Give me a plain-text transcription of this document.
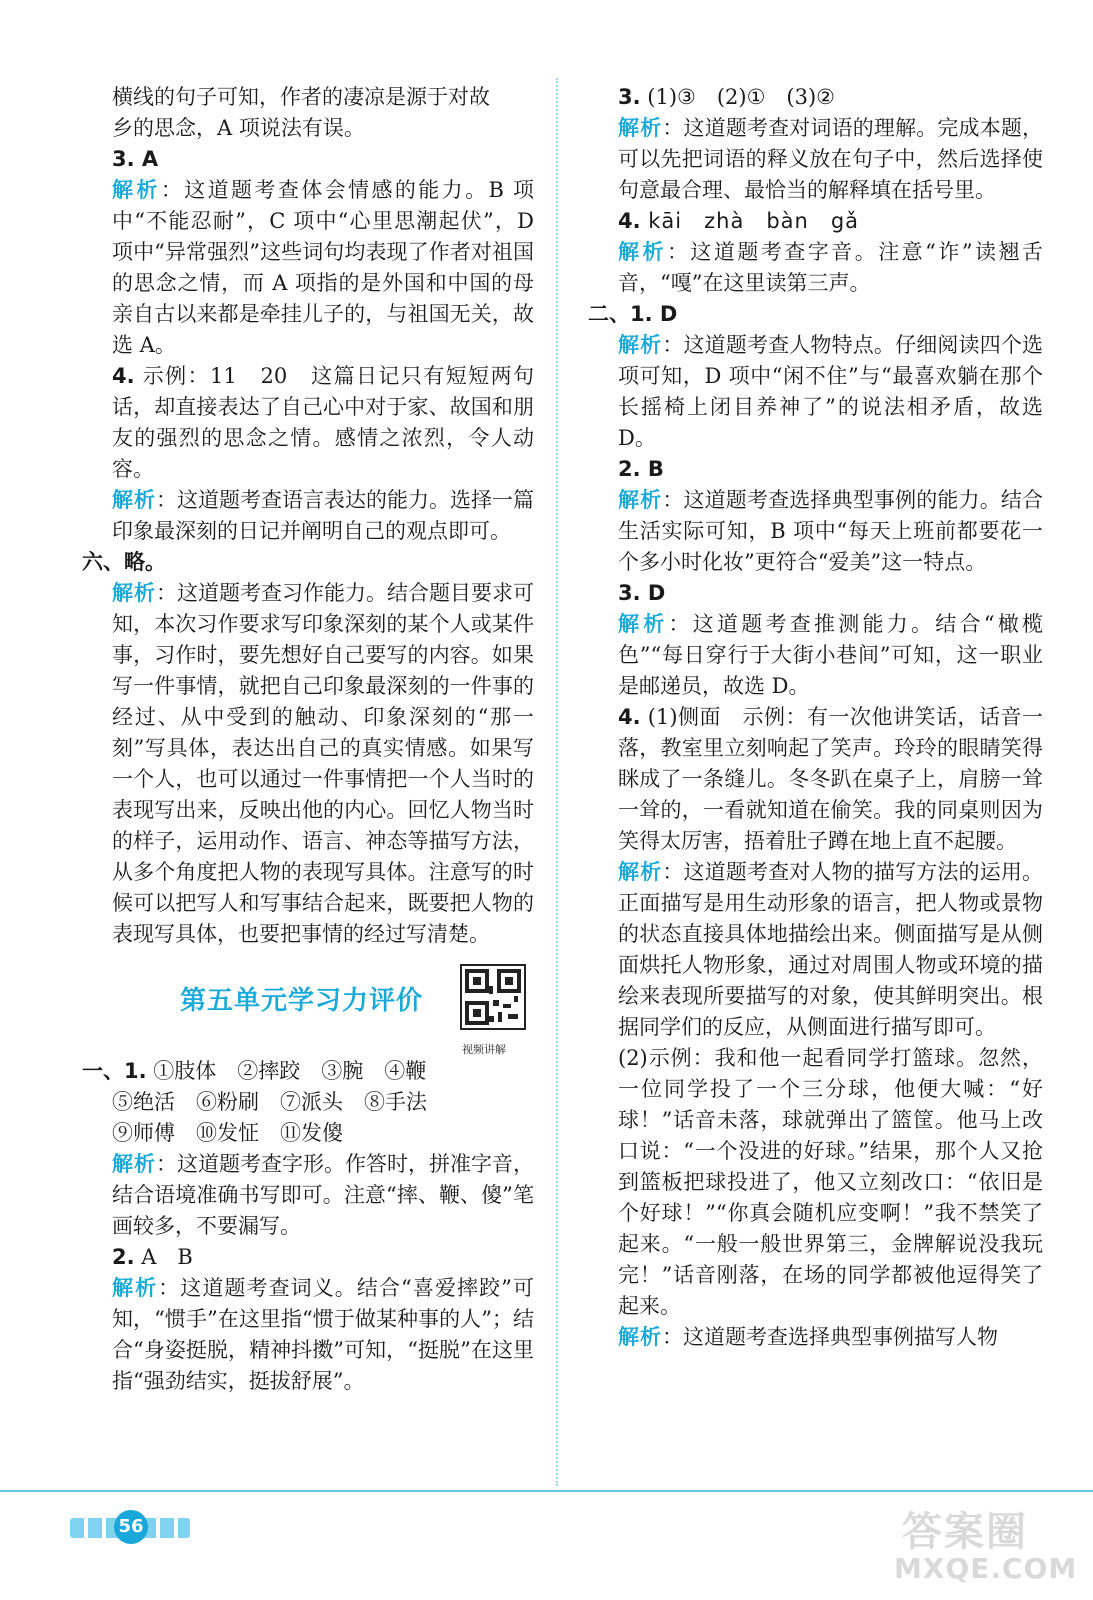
横线的句子可知，作者的凄凉是源于对故
乡的思念，A 项说法有误。

3. A

解析：这道题考查体会情感的能力。B 项中“不能忍耐”，C 项中“心里思潮起伏”，D 项中“异常强烈”这些词句均表现了作者对祖国的思念之情，而 A 项指的是外国和中国的母亲自古以来都是牵挂儿子的，与祖国无关，故选 A。

4. 示例：11　20　这篇日记只有短短两句话，却直接表达了自己心中对于家、故国和朋友的强烈的思念之情。感情之浓烈，令人动容。

解析：这道题考查语言表达的能力。选择一篇印象最深刻的日记并阐明自己的观点即可。

六、略。

解析：这道题考查习作能力。结合题目要求可知，本次习作要求写印象深刻的某个人或某件事，习作时，要先想好自己要写的内容。如果写一件事情，就把自己印象最深刻的一件事的经过、从中受到的触动、印象深刻的“那一刻”写具体，表达出自己的真实情感。如果写一个人，也可以通过一件事情把一个人当时的表现写出来，反映出他的内心。回忆人物当时的样子，运用动作、语言、神态等描写方法，从多个角度把人物的表现写具体。注意写的时候可以把写人和写事结合起来，既要把人物的表现写具体，也要把事情的经过写清楚。

第五单元学习力评价
视频讲解

一、1. ①肢体　②摔跤　③腕　④鞭

⑤绝活　⑥粉刷　⑦派头　⑧手法
⑨师傅　⑩发怔　⑪发傻

解析：这道题考查字形。作答时，拼准字音，结合语境准确书写即可。注意“摔、鞭、傻”笔画较多，不要漏写。

2. A　B

解析：这道题考查词义。结合“喜爱摔跤”可知，“惯手”在这里指“惯于做某种事的人”；结合“身姿挺脱，精神抖擞”可知，“挺脱”在这里指“强劲结实，挺拔舒展”。

3. (1)③　(2)①　(3)②

解析：这道题考查对词语的理解。完成本题，可以先把词语的释义放在句子中，然后选择使句意最合理、最恰当的解释填在括号里。

4. kāi　zhà　bàn　gǎ

解析：这道题考查字音。注意“诈”读翘舌音，“嘎”在这里读第三声。

二、1. D

解析：这道题考查人物特点。仔细阅读四个选项可知，D 项中“闲不住”与“最喜欢躺在那个长摇椅上闭目养神了”的说法相矛盾，故选 D。

2. B

解析：这道题考查选择典型事例的能力。结合生活实际可知，B 项中“每天上班前都要花一个多小时化妆”更符合“爱美”这一特点。

3. D

解析：这道题考查推测能力。结合“橄榄色”“每日穿行于大街小巷间”可知，这一职业是邮递员，故选 D。

4. (1)侧面　示例：有一次他讲笑话，话音一落，教室里立刻响起了笑声。玲玲的眼睛笑得眯成了一条缝儿。冬冬趴在桌子上，肩膀一耸一耸的，一看就知道在偷笑。我的同桌则因为笑得太厉害，捂着肚子蹲在地上直不起腰。

解析：这道题考查对人物的描写方法的运用。正面描写是用生动形象的语言，把人物或景物的状态直接具体地描绘出来。侧面描写是从侧面烘托人物形象，通过对周围人物或环境的描绘来表现所要描写的对象，使其鲜明突出。根据同学们的反应，从侧面进行描写即可。

(2)示例：我和他一起看同学打篮球。忽然，一位同学投了一个三分球，他便大喊：“好球！”话音未落，球就弹出了篮筐。他马上改口说：“一个没进的好球。”结果，那个人又抢到篮板把球投进了，他又立刻改口：“依旧是个好球！”“你真会随机应变啊！”我不禁笑了起来。“一般一般世界第三，金牌解说没我玩完！”话音刚落，在场的同学都被他逗得笑了起来。

解析：这道题考查选择典型事例描写人物

56	答案圈
MXQE.COM
